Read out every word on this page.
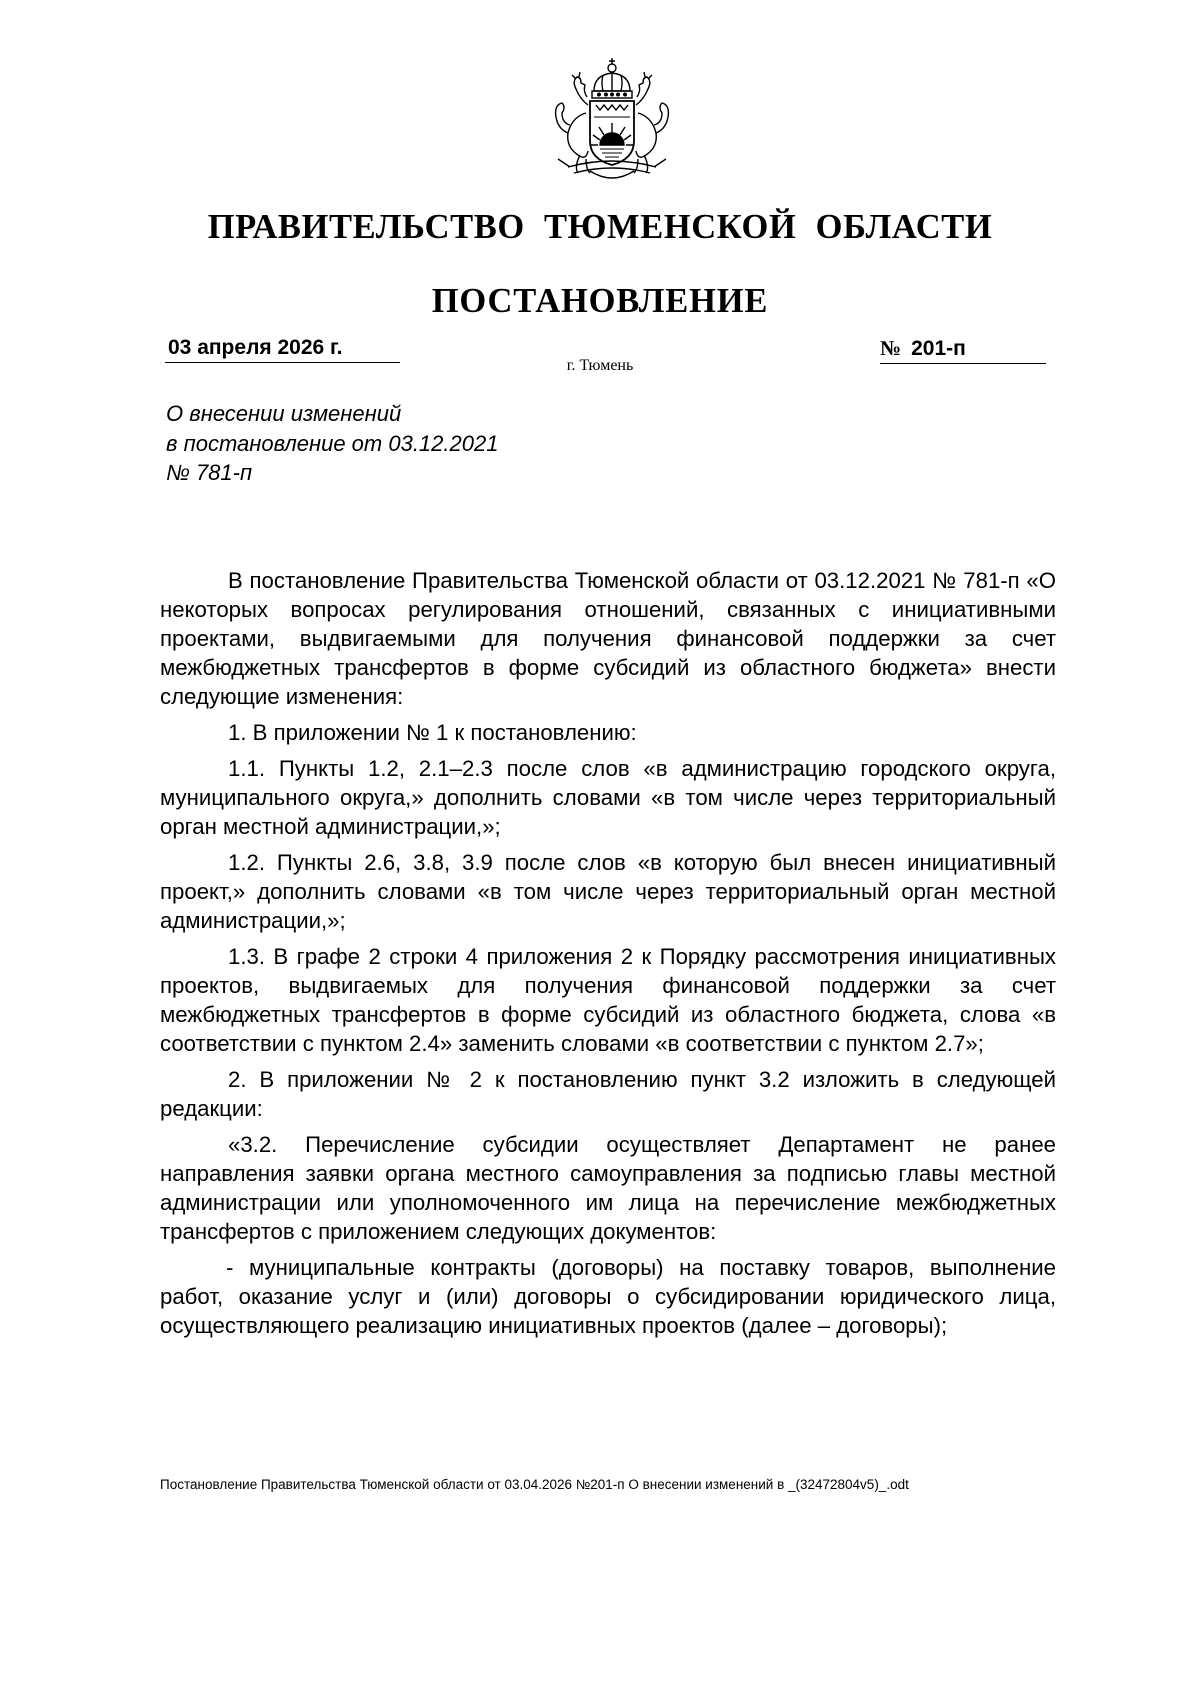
ПРАВИТЕЛЬСТВО ТЮМЕНСКОЙ ОБЛАСТИ
ПОСТАНОВЛЕНИЕ
03 апреля 2026 г.	№ 201-п
г. Тюмень
О внесении изменений
в постановление от 03.12.2021
№ 781-п

В постановление Правительства Тюменской области от 03.12.2021 № 781-п «О некоторых вопросах регулирования отношений, связанных с инициативными проектами, выдвигаемыми для получения финансовой поддержки за счет межбюджетных трансфертов в форме субсидий из областного бюджета» внести следующие изменения:

1. В приложении № 1 к постановлению:

1.1. Пункты 1.2, 2.1–2.3 после слов «в администрацию городского округа, муниципального округа,» дополнить словами «в том числе через территориальный орган местной администрации,»;

1.2. Пункты 2.6, 3.8, 3.9 после слов «в которую был внесен инициативный проект,» дополнить словами «в том числе через территориальный орган местной администрации,»;

1.3. В графе 2 строки 4 приложения 2 к Порядку рассмотрения инициативных проектов, выдвигаемых для получения финансовой поддержки за счет межбюджетных трансфертов в форме субсидий из областного бюджета, слова «в соответствии с пунктом 2.4» заменить словами «в соответствии с пунктом 2.7»;

2. В приложении № 2 к постановлению пункт 3.2 изложить в следующей редакции:

«3.2. Перечисление субсидии осуществляет Департамент не ранее направления заявки органа местного самоуправления за подписью главы местной администрации или уполномоченного им лица на перечисление межбюджетных трансфертов с приложением следующих документов:

- муниципальные контракты (договоры) на поставку товаров, выполнение работ, оказание услуг и (или) договоры о субсидировании юридического лица, осуществляющего реализацию инициативных проектов (далее – договоры);

Постановление Правительства Тюменской области от 03.04.2026 №201-п О внесении изменений в _(32472804v5)_.odt
